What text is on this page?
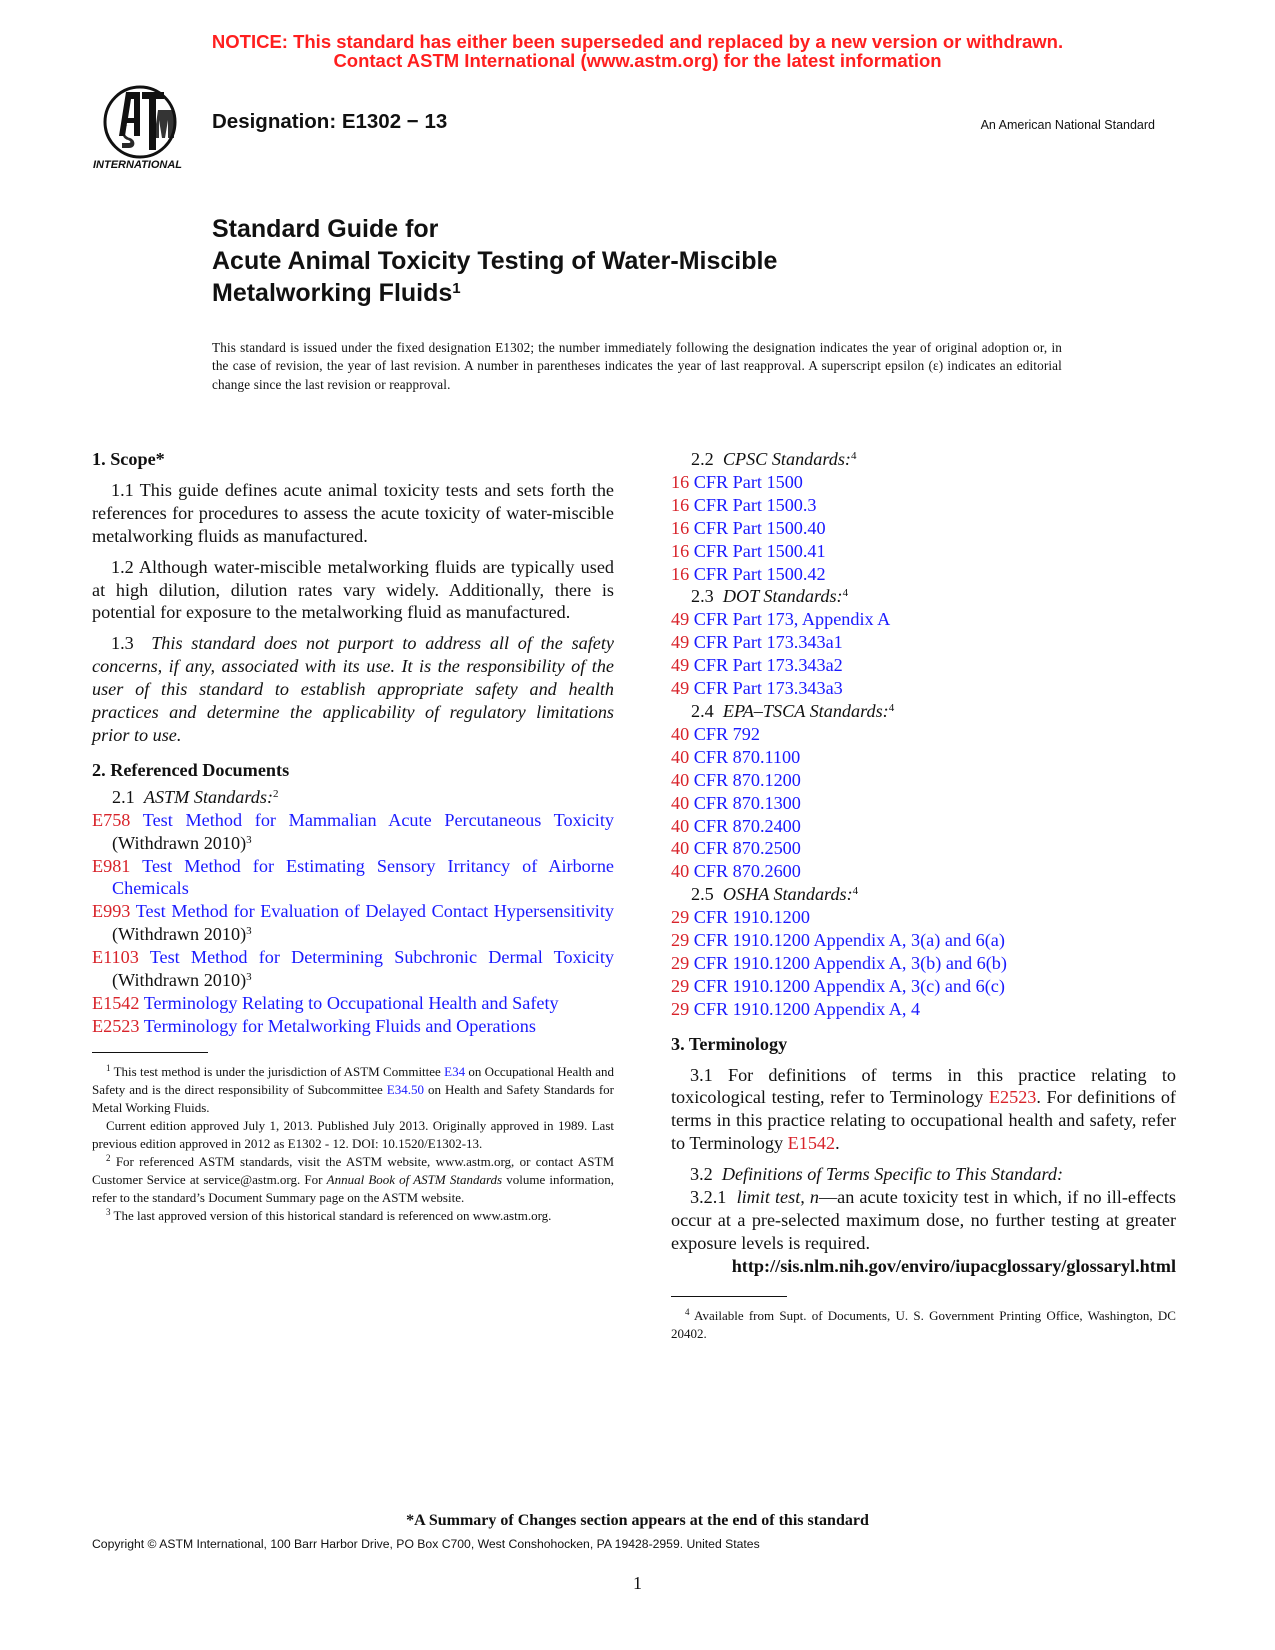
NOTICE: This standard has either been superseded and replaced by a new version or withdrawn.
Contact ASTM International (www.astm.org) for the latest information
INTERNATIONAL
Designation: E1302 − 13	An American National Standard
Standard Guide for
Acute Animal Toxicity Testing of Water-Miscible
Metalworking Fluids$^1$
This standard is issued under the fixed designation E1302; the number immediately following the designation indicates the year of original adoption or, in the case of revision, the year of last revision. A number in parentheses indicates the year of last reapproval. A superscript epsilon (ε) indicates an editorial change since the last revision or reapproval.

1. Scope*

1.1 This guide defines acute animal toxicity tests and sets forth the references for procedures to assess the acute toxicity of water-miscible metalworking fluids as manufactured.

1.2 Although water-miscible metalworking fluids are typically used at high dilution, dilution rates vary widely. Additionally, there is potential for exposure to the metalworking fluid as manufactured.

1.3 This standard does not purport to address all of the safety concerns, if any, associated with its use. It is the responsibility of the user of this standard to establish appropriate safety and health practices and determine the applicability of regulatory limitations prior to use.

2. Referenced Documents

2.1 ASTM Standards:$^2$

E758 Test Method for Mammalian Acute Percutaneous Toxicity (Withdrawn 2010)$^3$

E981 Test Method for Estimating Sensory Irritancy of Airborne Chemicals

E993 Test Method for Evaluation of Delayed Contact Hypersensitivity (Withdrawn 2010)$^3$

E1103 Test Method for Determining Subchronic Dermal Toxicity (Withdrawn 2010)$^3$

E1542 Terminology Relating to Occupational Health and Safety

E2523 Terminology for Metalworking Fluids and Operations

$^1$ This test method is under the jurisdiction of ASTM Committee E34 on Occupational Health and Safety and is the direct responsibility of Subcommittee E34.50 on Health and Safety Standards for Metal Working Fluids.

Current edition approved July 1, 2013. Published July 2013. Originally approved in 1989. Last previous edition approved in 2012 as E1302 - 12. DOI: 10.1520/E1302-13.

$^2$ For referenced ASTM standards, visit the ASTM website, www.astm.org, or contact ASTM Customer Service at service@astm.org. For Annual Book of ASTM Standards volume information, refer to the standard’s Document Summary page on the ASTM website.

$^3$ The last approved version of this historical standard is referenced on www.astm.org.

2.2 CPSC Standards:$^4$

16 CFR Part 1500

16 CFR Part 1500.3

16 CFR Part 1500.40

16 CFR Part 1500.41

16 CFR Part 1500.42

2.3 DOT Standards:$^4$

49 CFR Part 173, Appendix A

49 CFR Part 173.343a1

49 CFR Part 173.343a2

49 CFR Part 173.343a3

2.4 EPA–TSCA Standards:$^4$

40 CFR 792

40 CFR 870.1100

40 CFR 870.1200

40 CFR 870.1300

40 CFR 870.2400

40 CFR 870.2500

40 CFR 870.2600

2.5 OSHA Standards:$^4$

29 CFR 1910.1200

29 CFR 1910.1200 Appendix A, 3(a) and 6(a)

29 CFR 1910.1200 Appendix A, 3(b) and 6(b)

29 CFR 1910.1200 Appendix A, 3(c) and 6(c)

29 CFR 1910.1200 Appendix A, 4

3. Terminology

3.1 For definitions of terms in this practice relating to toxicological testing, refer to Terminology E2523. For definitions of terms in this practice relating to occupational health and safety, refer to Terminology E1542.

3.2 Definitions of Terms Specific to This Standard:

3.2.1 limit test, n—an acute toxicity test in which, if no ill-effects occur at a pre-selected maximum dose, no further testing at greater exposure levels is required.

http://sis.nlm.nih.gov/enviro/iupacglossary/glossaryl.html

$^4$ Available from Supt. of Documents, U. S. Government Printing Office, Washington, DC 20402.

*A Summary of Changes section appears at the end of this standard
Copyright © ASTM International, 100 Barr Harbor Drive, PO Box C700, West Conshohocken, PA 19428-2959. United States
1
